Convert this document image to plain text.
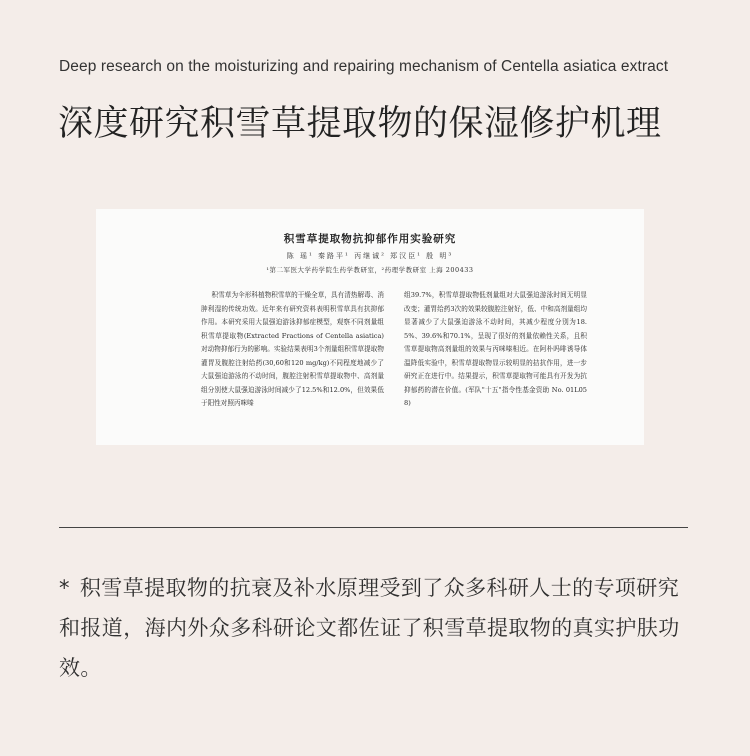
Deep research on the moisturizing and repairing mechanism of Centella asiatica extract
深度研究积雪草提取物的保湿修护机理
积雪草提取物抗抑郁作用实验研究
陈 瑶¹ 秦路平¹ 丙继诚² 郑汉臣¹ 殷 明³
¹第二军医大学药学院生药学教研室，²药理学教研室 上海 200433
积雪草为伞形科植物积雪草的干燥全草，具有清热解毒、消肿利湿的传统功效。近年来有研究资料表明积雪草具有抗抑郁作用。本研究采用大鼠强迫游泳抑郁症模型，观察不同剂量组积雪草提取物(Extracted Fractions of Centella asiatica)对动物抑郁行为的影响。实验结果表明3个剂量组积雪草提取物灌胃及腹腔注射给药(30,60和120 mg/kg)不同程度地减少了大鼠强迫游泳的不动时间，腹腔注射积雪草提取物中、高剂量组分别使大鼠强迫游泳时间减少了12.5%和12.0%，但效果低于阳性对照丙咪嗪
组39.7%，积雪草提取物低剂量组对大鼠强迫游泳时间无明显改变；灌胃给药3次的效果较腹腔注射好，低、中和高剂量组均显著减少了大鼠强迫游泳不动时间，其减少程度分别为18.5%、39.6%和70.1%，呈现了很好的剂量依赖性关系，且积雪草提取物高剂量组的效果与丙咪嗪相近。在阿朴吗啡诱导体温降低实验中，积雪草提取物显示较明显的拮抗作用，进一步研究正在进行中。结果提示，积雪草提取物可能具有开发为抗抑郁药的潜在价值。(军队"十五"指令性基金资助 No. 01L058)
* 积雪草提取物的抗衰及补水原理受到了众多科研人士的专项研究和报道，海内外众多科研论文都佐证了积雪草提取物的真实护肤功效。
